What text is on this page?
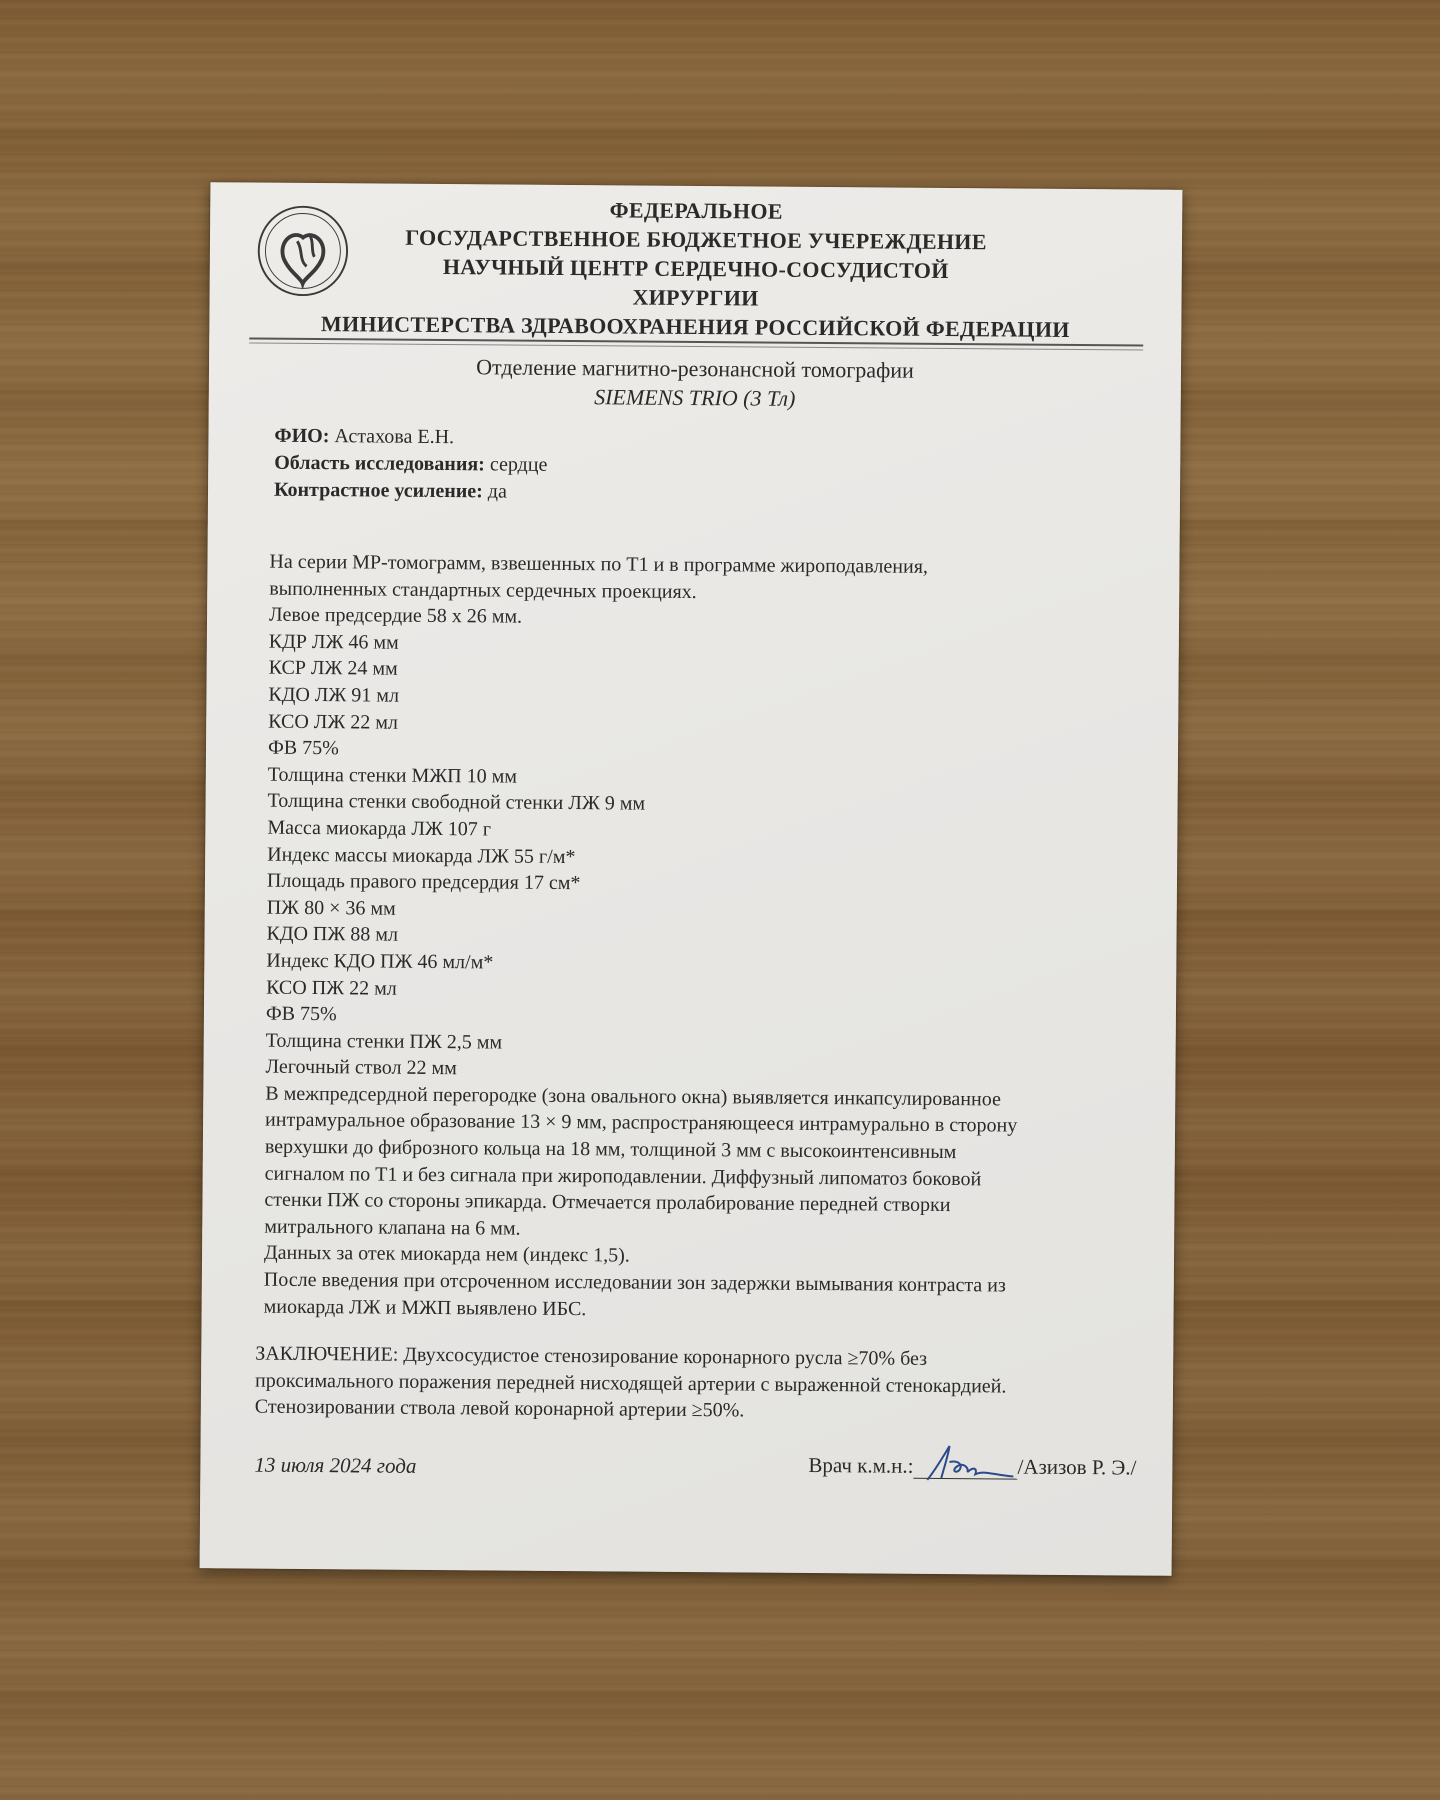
ФЕДЕРАЛЬНОЕ
ГОСУДАРСТВЕННОЕ БЮДЖЕТНОЕ УЧЕРЕЖДЕНИЕ
НАУЧНЫЙ ЦЕНТР СЕРДЕЧНО-СОСУДИСТОЙ
ХИРУРГИИ
МИНИСТЕРСТВА ЗДРАВООХРАНЕНИЯ РОССИЙСКОЙ ФЕДЕРАЦИИ
Отделение магнитно-резонансной томографии
SIEMENS TRIO (3 Тл)
ФИО: Астахова Е.Н.
Область исследования: сердце
Контрастное усиление: да
На серии МР-томограмм, взвешенных по Т1 и в программе жироподавления,
выполненных стандартных сердечных проекциях.
Левое предсердие 58 х 26 мм.
КДР ЛЖ 46 мм
КСР ЛЖ 24 мм
КДО ЛЖ 91 мл
КСО ЛЖ 22 мл
ФВ 75%
Толщина стенки МЖП 10 мм
Толщина стенки свободной стенки ЛЖ 9 мм
Масса миокарда ЛЖ 107 г
Индекс массы миокарда ЛЖ 55 г/м*
Площадь правого предсердия 17 см*
ПЖ 80 × 36 мм
КДО ПЖ 88 мл
Индекс КДО ПЖ 46 мл/м*
КСО ПЖ 22 мл
ФВ 75%
Толщина стенки ПЖ 2,5 мм
Легочный ствол 22 мм
В межпредсердной перегородке (зона овального окна) выявляется инкапсулированное
интрамуральное образование 13 × 9 мм, распространяющееся интрамурально в сторону
верхушки до фиброзного кольца на 18 мм, толщиной 3 мм с высокоинтенсивным
сигналом по Т1 и без сигнала при жироподавлении. Диффузный липоматоз боковой
стенки ПЖ со стороны эпикарда. Отмечается пролабирование передней створки
митрального клапана на 6 мм.
Данных за отек миокарда нем (индекс 1,5).
После введения при отсроченном исследовании зон задержки вымывания контраста из
миокарда ЛЖ и МЖП выявлено ИБС.
ЗАКЛЮЧЕНИЕ: Двухсосудистое стенозирование коронарного русла ≥70% без
проксимального поражения передней нисходящей артерии с выраженной стенокардией.
Стенозировании ствола левой коронарной артерии ≥50%.
13 июля 2024 года	Врач к.м.н.:	/Азизов Р. Э./
